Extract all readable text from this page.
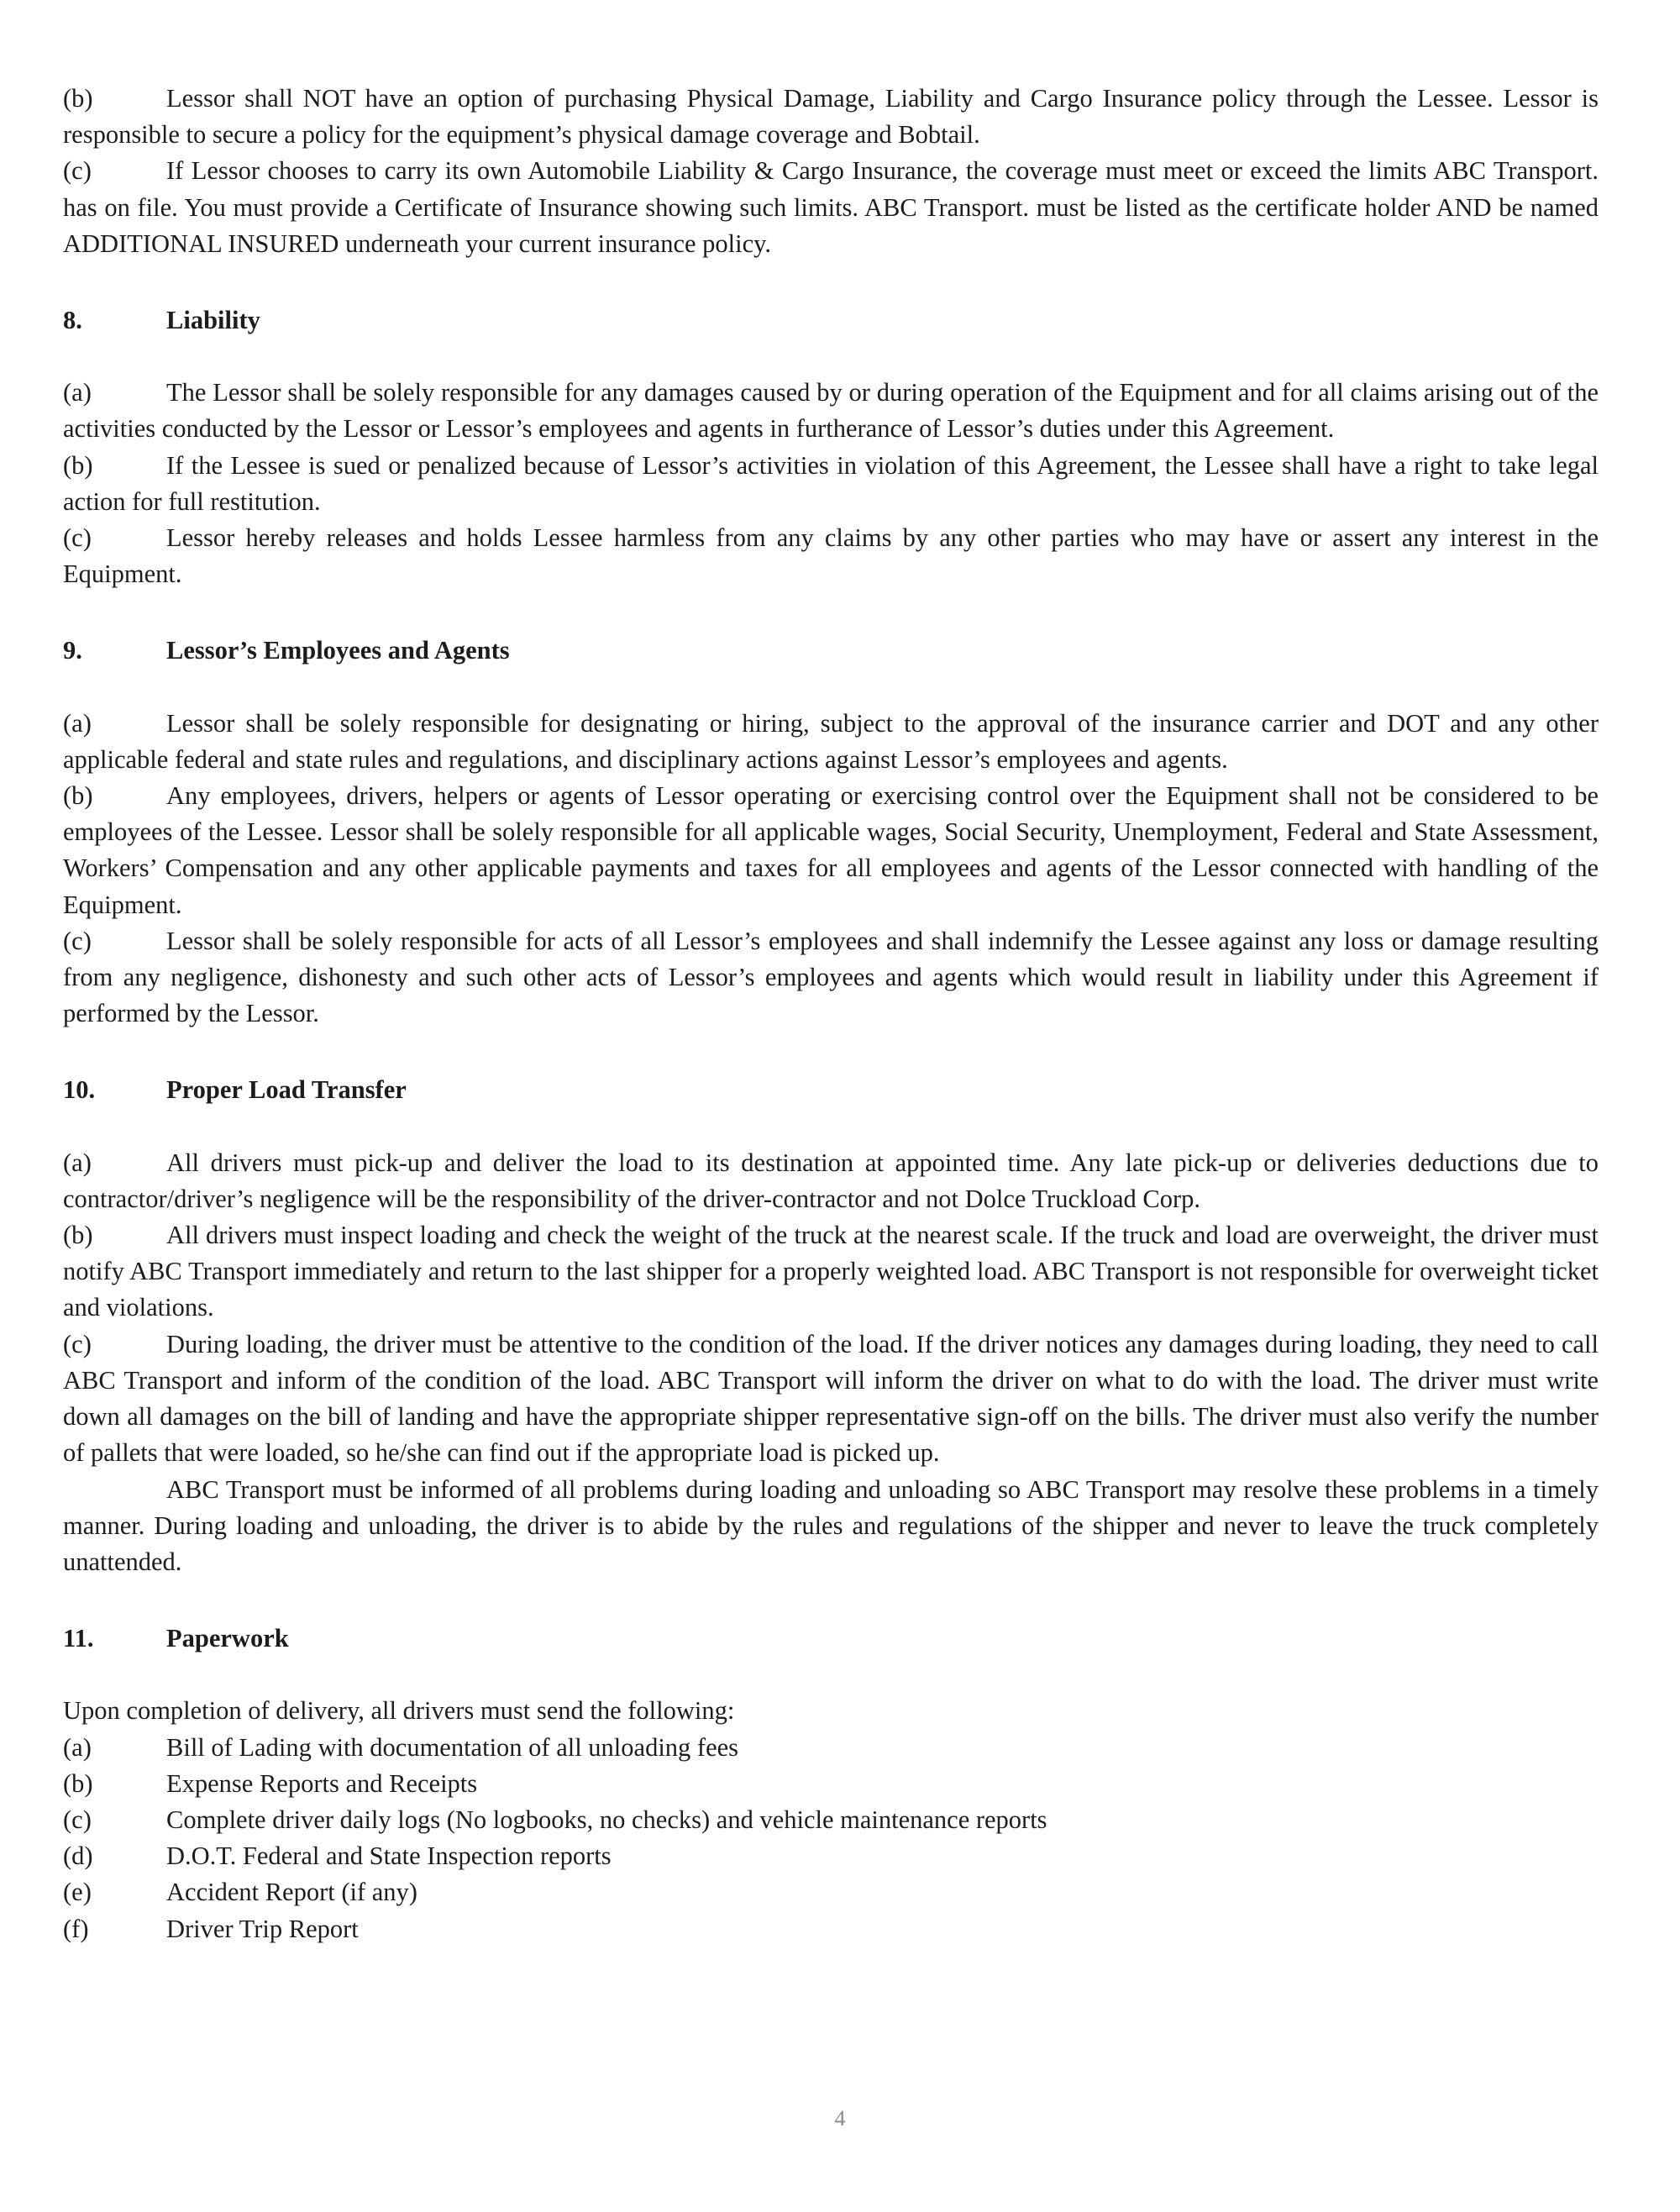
(b)	Lessor shall NOT have an option of purchasing Physical Damage, Liability and Cargo Insurance policy through the Lessee. Lessor is responsible to secure a policy for the equipment’s physical damage coverage and Bobtail.

(c)	If Lessor chooses to carry its own Automobile Liability & Cargo Insurance, the coverage must meet or exceed the limits ABC Transport. has on file. You must provide a Certificate of Insurance showing such limits. ABC Transport. must be listed as the certificate holder AND be named ADDITIONAL INSURED underneath your current insurance policy.

8.	Liability

(a)	The Lessor shall be solely responsible for any damages caused by or during operation of the Equipment and for all claims arising out of the activities conducted by the Lessor or Lessor’s employees and agents in furtherance of Lessor’s duties under this Agreement.

(b)	If the Lessee is sued or penalized because of Lessor’s activities in violation of this Agreement, the Lessee shall have a right to take legal action for full restitution.

(c)	Lessor hereby releases and holds Lessee harmless from any claims by any other parties who may have or assert any interest in the Equipment.

9.	Lessor’s Employees and Agents

(a)	Lessor shall be solely responsible for designating or hiring, subject to the approval of the insurance carrier and DOT and any other applicable federal and state rules and regulations, and disciplinary actions against Lessor’s employees and agents.

(b)	Any employees, drivers, helpers or agents of Lessor operating or exercising control over the Equipment shall not be considered to be employees of the Lessee. Lessor shall be solely responsible for all applicable wages, Social Security, Unemployment, Federal and State Assessment, Workers’ Compensation and any other applicable payments and taxes for all employees and agents of the Lessor connected with handling of the Equipment.

(c)	Lessor shall be solely responsible for acts of all Lessor’s employees and shall indemnify the Lessee against any loss or damage resulting from any negligence, dishonesty and such other acts of Lessor’s employees and agents which would result in liability under this Agreement if performed by the Lessor.

10.	Proper Load Transfer

(a)	All drivers must pick-up and deliver the load to its destination at appointed time. Any late pick-up or deliveries deductions due to contractor/driver’s negligence will be the responsibility of the driver-contractor and not Dolce Truckload Corp.

(b)	All drivers must inspect loading and check the weight of the truck at the nearest scale. If the truck and load are overweight, the driver must notify ABC Transport immediately and return to the last shipper for a properly weighted load. ABC Transport is not responsible for overweight ticket and violations.

(c)	During loading, the driver must be attentive to the condition of the load. If the driver notices any damages during loading, they need to call ABC Transport and inform of the condition of the load. ABC Transport will inform the driver on what to do with the load. The driver must write down all damages on the bill of landing and have the appropriate shipper representative sign-off on the bills. The driver must also verify the number of pallets that were loaded, so he/she can find out if the appropriate load is picked up.

ABC Transport must be informed of all problems during loading and unloading so ABC Transport may resolve these problems in a timely manner. During loading and unloading, the driver is to abide by the rules and regulations of the shipper and never to leave the truck completely unattended.

11.	Paperwork

Upon completion of delivery, all drivers must send the following:

(a)	Bill of Lading with documentation of all unloading fees

(b)	Expense Reports and Receipts

(c)	Complete driver daily logs (No logbooks, no checks) and vehicle maintenance reports

(d)	D.O.T. Federal and State Inspection reports

(e)	Accident Report (if any)

(f)	Driver Trip Report

4
